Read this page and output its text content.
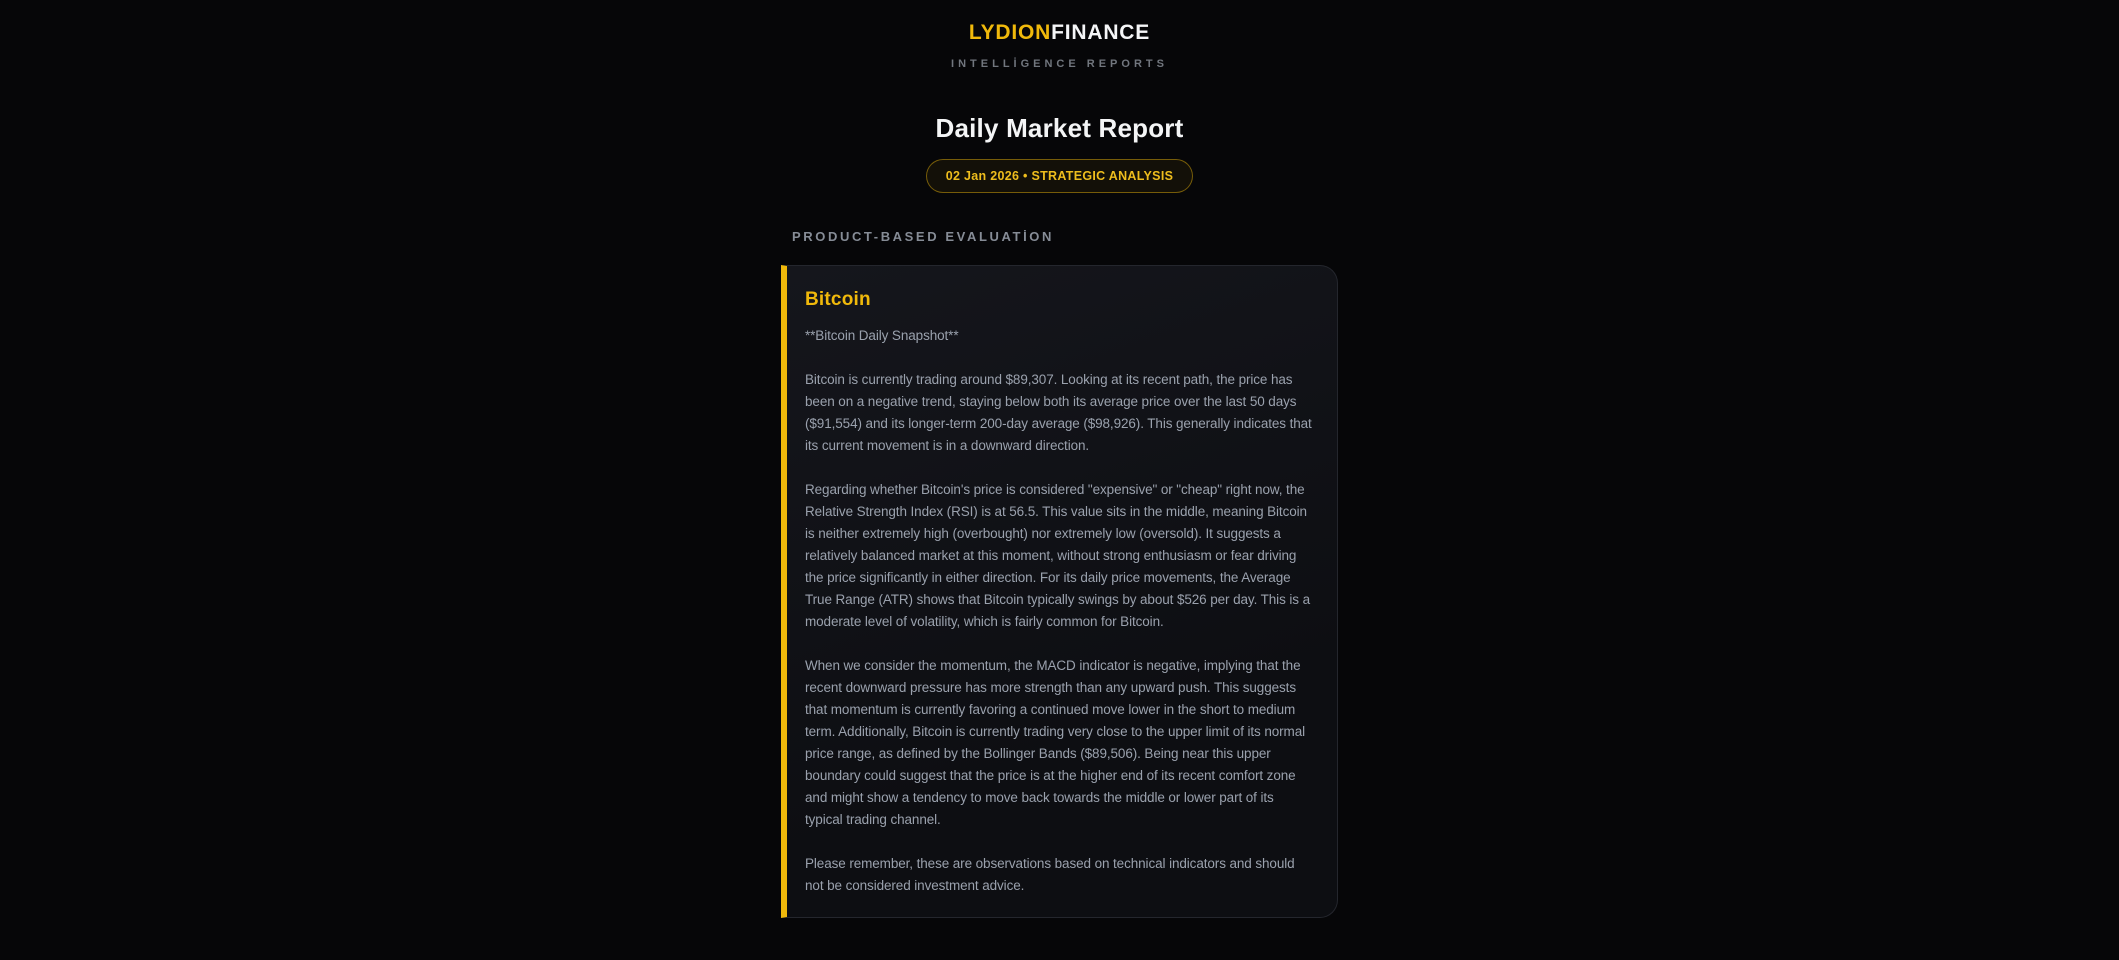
LYDIONFINANCE
INTELLİGENCE REPORTS
Daily Market Report
02 Jan 2026 • STRATEGIC ANALYSIS
PRODUCT-BASED EVALUATİON
Bitcoin

**Bitcoin Daily Snapshot**

Bitcoin is currently trading around $89,307. Looking at its recent path, the price has been on a negative trend, staying below both its average price over the last 50 days ($91,554) and its longer-term 200-day average ($98,926). This generally indicates that its current movement is in a downward direction.

Regarding whether Bitcoin's price is considered "expensive" or "cheap" right now, the Relative Strength Index (RSI) is at 56.5. This value sits in the middle, meaning Bitcoin is neither extremely high (overbought) nor extremely low (oversold). It suggests a relatively balanced market at this moment, without strong enthusiasm or fear driving the price significantly in either direction. For its daily price movements, the Average True Range (ATR) shows that Bitcoin typically swings by about $526 per day. This is a moderate level of volatility, which is fairly common for Bitcoin.

When we consider the momentum, the MACD indicator is negative, implying that the recent downward pressure has more strength than any upward push. This suggests that momentum is currently favoring a continued move lower in the short to medium term. Additionally, Bitcoin is currently trading very close to the upper limit of its normal price range, as defined by the Bollinger Bands ($89,506). Being near this upper boundary could suggest that the price is at the higher end of its recent comfort zone and might show a tendency to move back towards the middle or lower part of its typical trading channel.

Please remember, these are observations based on technical indicators and should not be considered investment advice.
